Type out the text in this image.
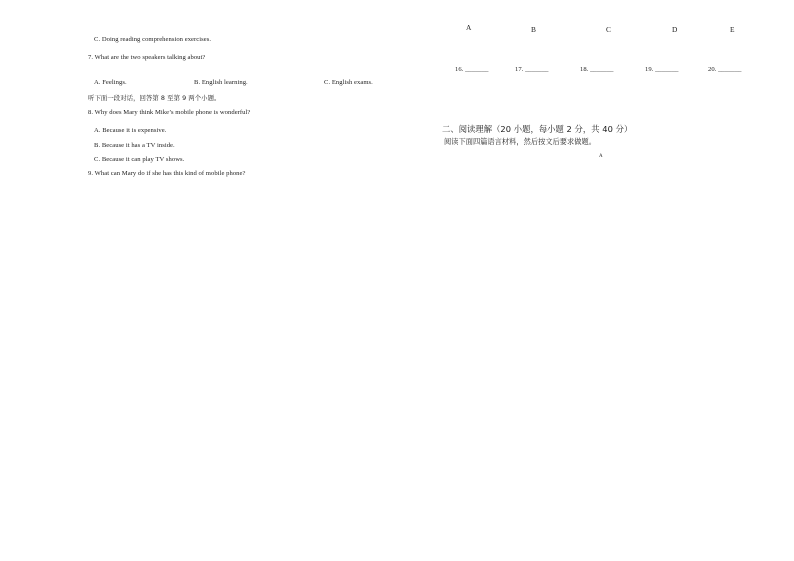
C. Doing reading comprehension exercises.
7. What are the two speakers talking about?
A. Feelings.	B. English learning.	C. English exams.
听下面一段对话，回答第 8 至第 9 两个小题。
8. Why does Mary think Mike’s mobile phone is wonderful?
A. Because it is expensive.
B. Because it has a TV inside.
C. Because it can play TV shows.
9. What can Mary do if she has this kind of mobile phone?
A	B	C	D	E
16. _______	17. _______	18. _______	19. _______	20. _______
二、阅读理解（20 小题，每小题 2 分，共 40 分）
阅读下面四篇语言材料，然后按文后要求做题。
A
